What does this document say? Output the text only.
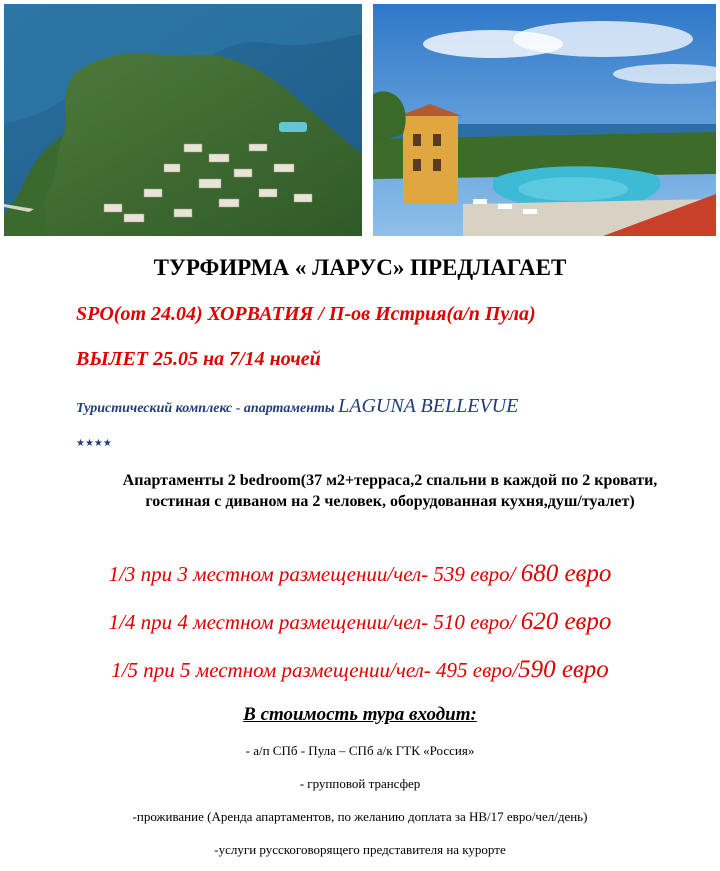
ТУРФИРМА « ЛАРУС» ПРЕДЛАГАЕТ
SPO(от 24.04) ХОРВАТИЯ / П-ов Истрия(а/п Пула)
ВЫЛЕТ 25.05 на 7/14 ночей
Туристический комплекс - апартаменты LAGUNA BELLEVUE
★★★★
Апартаменты 2 bedroom(37 м2+терраса,2 спальни в каждой по 2 кровати, гостиная с диваном на 2 человек, оборудованная кухня,душ/туалет)
1/3 при 3 местном размещении/чел- 539 евро/ 680 евро
1/4 при 4 местном размещении/чел- 510 евро/ 620 евро
1/5 при 5 местном размещении/чел- 495 евро/590 евро
В стоимость тура входит:
- а/п СПб - Пула – СПб а/к ГТК «Россия»
- групповой трансфер
-проживание (Аренда апартаментов, по желанию доплата за НВ/17 евро/чел/день)
-услуги русскоговорящего представителя на курорте
